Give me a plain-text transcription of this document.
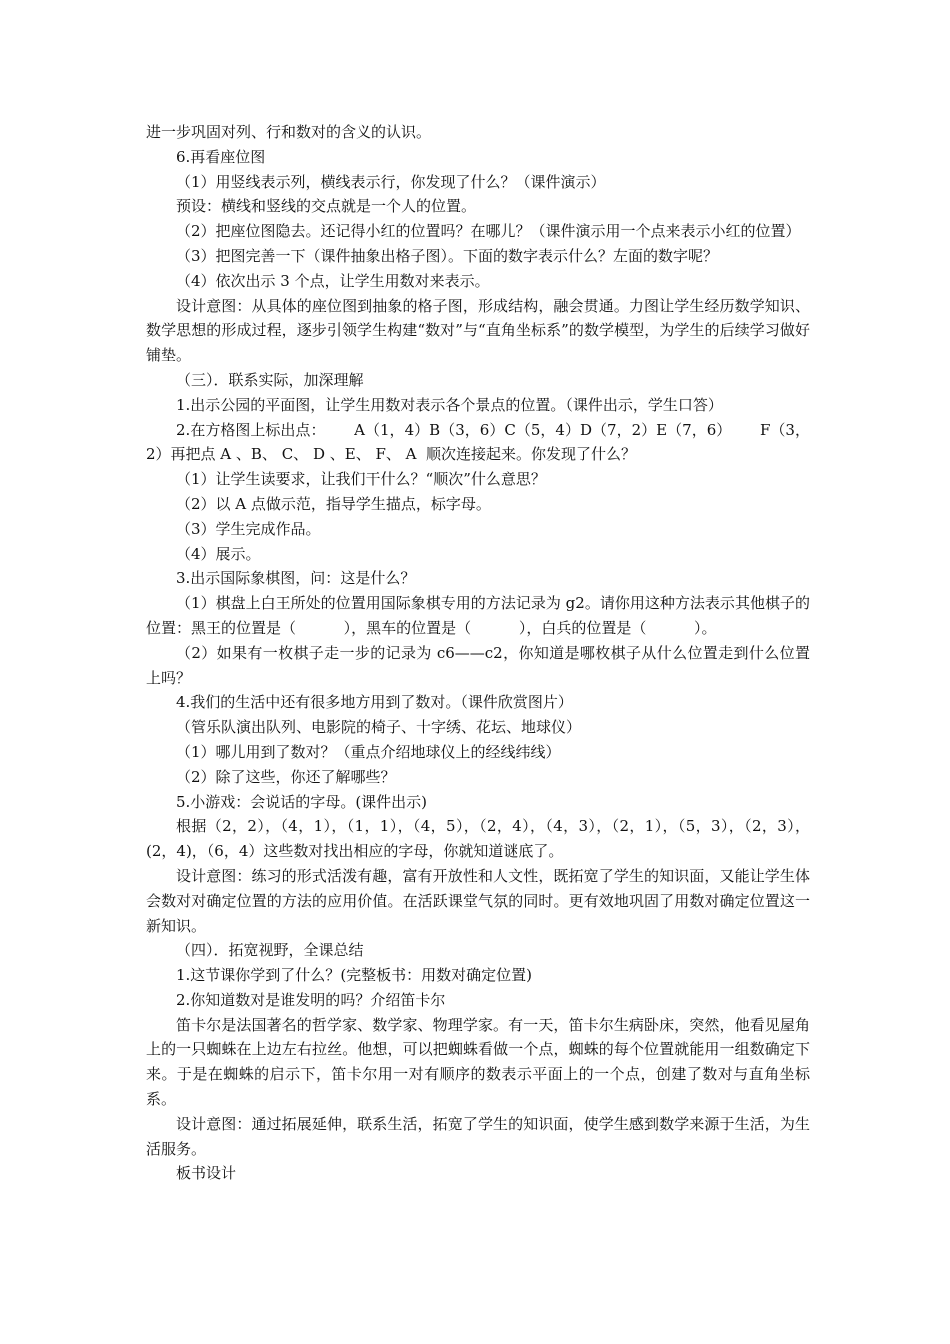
进一步巩固对列、行和数对的含义的认识。

6.再看座位图

（1）用竖线表示列，横线表示行，你发现了什么？（课件演示）

预设：横线和竖线的交点就是一个人的位置。

（2）把座位图隐去。还记得小红的位置吗？在哪儿？（课件演示用一个点来表示小红的位置）

（3）把图完善一下（课件抽象出格子图）。下面的数字表示什么？左面的数字呢？

（4）依次出示 3 个点，让学生用数对来表示。

设计意图：从具体的座位图到抽象的格子图，形成结构，融会贯通。力图让学生经历数学知识、数学思想的形成过程，逐步引领学生构建“数对”与“直角坐标系”的数学模型，为学生的后续学习做好铺垫。

（三）．联系实际，加深理解

1.出示公园的平面图，让学生用数对表示各个景点的位置。（课件出示，学生口答）

2.在方格图上标出点：      A（1，4）B（3，6）C（5，4）D（7，2）E（7，6）      F（3，2）再把点 A 、B、 C、 D 、E、 F、 A  顺次连接起来。你发现了什么？

（1）让学生读要求，让我们干什么？“顺次”什么意思？

（2）以 A 点做示范，指导学生描点，标字母。

（3）学生完成作品。

（4）展示。

3.出示国际象棋图，问：这是什么？

（1）棋盘上白王所处的位置用国际象棋专用的方法记录为 g2。请你用这种方法表示其他棋子的位置：黑王的位置是（          ），黑车的位置是（          ），白兵的位置是（          ）。

（2）如果有一枚棋子走一步的记录为 c6——c2，你知道是哪枚棋子从什么位置走到什么位置上吗？

4.我们的生活中还有很多地方用到了数对。（课件欣赏图片）

（管乐队演出队列、电影院的椅子、十字绣、花坛、地球仪）

（1）哪儿用到了数对？（重点介绍地球仪上的经线纬线）

（2）除了这些，你还了解哪些？

5.小游戏：会说话的字母。(课件出示)

根据（2，2），（4，1），（1，1），（4，5），（2，4），（4，3），（2，1），（5，3），（2，3），(2，4)，（6，4）这些数对找出相应的字母，你就知道谜底了。

设计意图：练习的形式活泼有趣，富有开放性和人文性，既拓宽了学生的知识面，又能让学生体会数对对确定位置的方法的应用价值。在活跃课堂气氛的同时。更有效地巩固了用数对确定位置这一新知识。

（四）．拓宽视野，全课总结

1.这节课你学到了什么？(完整板书：用数对确定位置)

2.你知道数对是谁发明的吗？介绍笛卡尔

笛卡尔是法国著名的哲学家、数学家、物理学家。有一天，笛卡尔生病卧床，突然，他看见屋角上的一只蜘蛛在上边左右拉丝。他想，可以把蜘蛛看做一个点，蜘蛛的每个位置就能用一组数确定下来。于是在蜘蛛的启示下，笛卡尔用一对有顺序的数表示平面上的一个点，创建了数对与直角坐标系。

设计意图：通过拓展延伸，联系生活，拓宽了学生的知识面，使学生感到数学来源于生活，为生活服务。

板书设计
